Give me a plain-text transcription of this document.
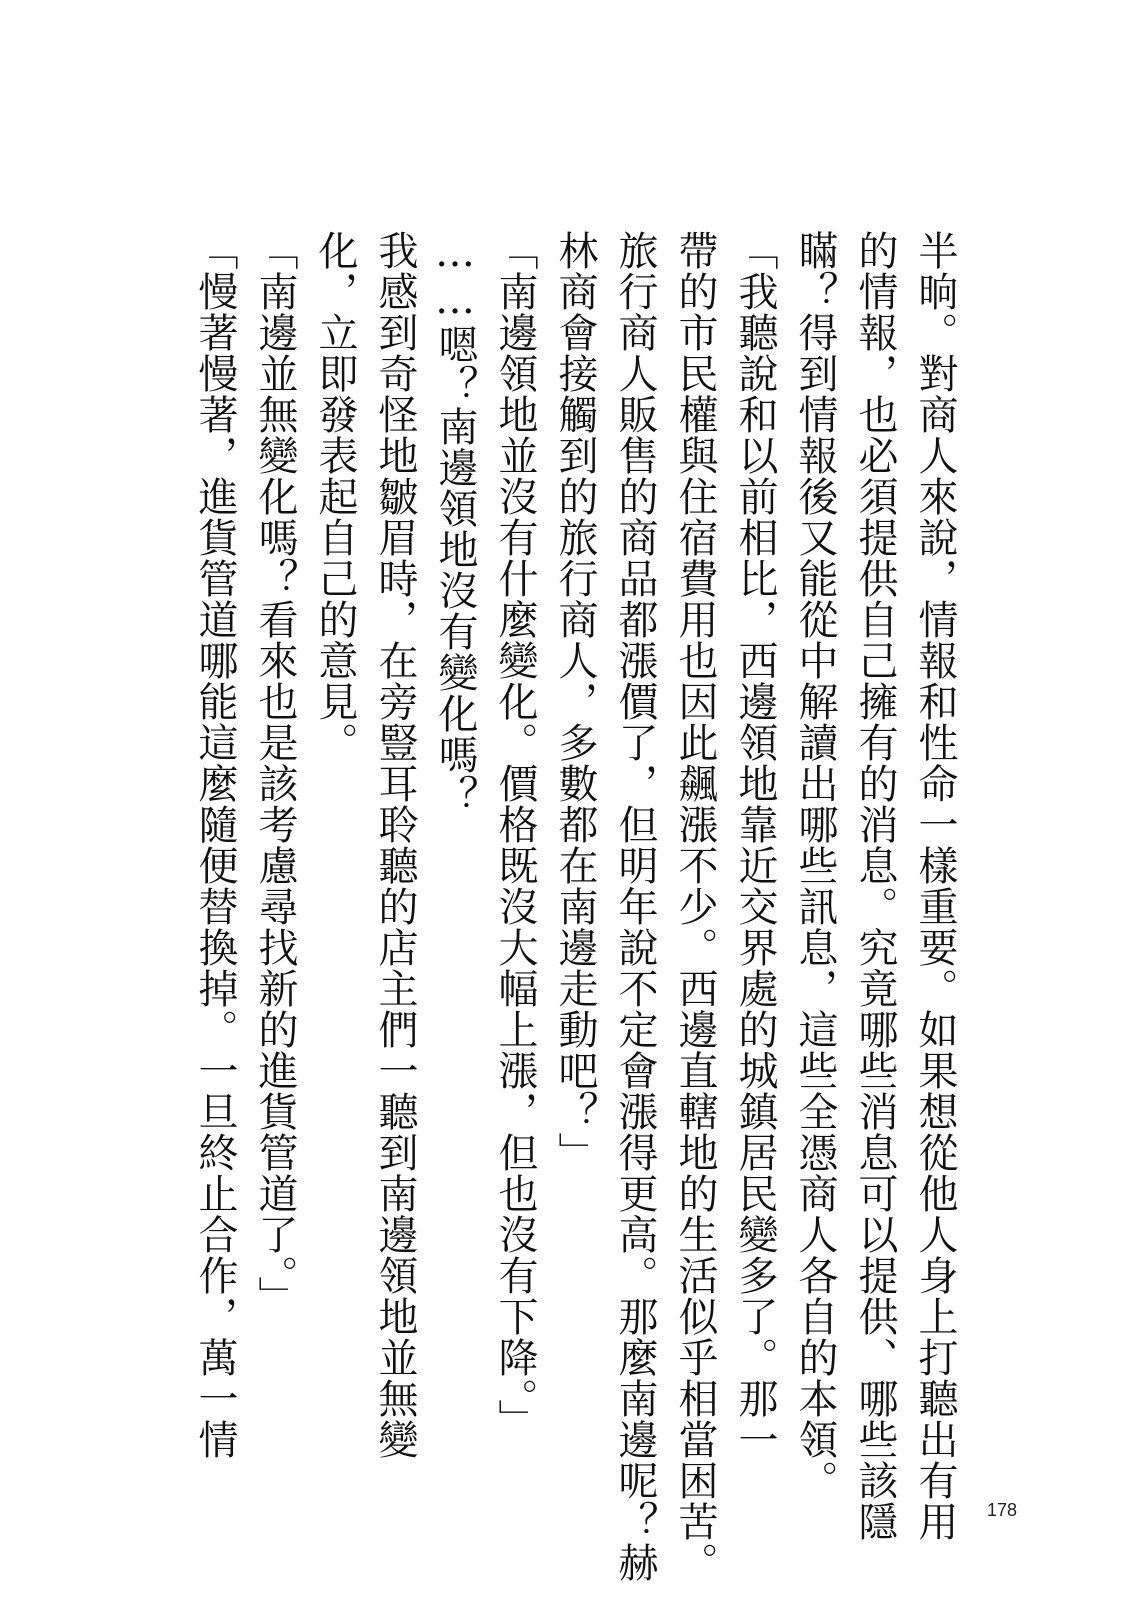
半晌。對商人來說，情報和性命一樣重要。如果想從他人身上打聽出有用

的情報，也必須提供自己擁有的消息。究竟哪些消息可以提供、哪些該隱

瞞？得到情報後又能從中解讀出哪些訊息，這些全憑商人各自的本領。

「我聽說和以前相比，西邊領地靠近交界處的城鎮居民變多了。那一

帶的市民權與住宿費用也因此飆漲不少。西邊直轄地的生活似乎相當困苦。

旅行商人販售的商品都漲價了，但明年說不定會漲得更高。那麼南邊呢？赫

林商會接觸到的旅行商人，多數都在南邊走動吧？」

「南邊領地並沒有什麼變化。價格既沒大幅上漲，但也沒有下降。」

……嗯？南邊領地沒有變化嗎？

我感到奇怪地皺眉時，在旁豎耳聆聽的店主們一聽到南邊領地並無變

化，立即發表起自己的意見。

「南邊並無變化嗎？看來也是該考慮尋找新的進貨管道了。」

「慢著慢著，進貨管道哪能這麼隨便替換掉。一旦終止合作，萬一情

178
